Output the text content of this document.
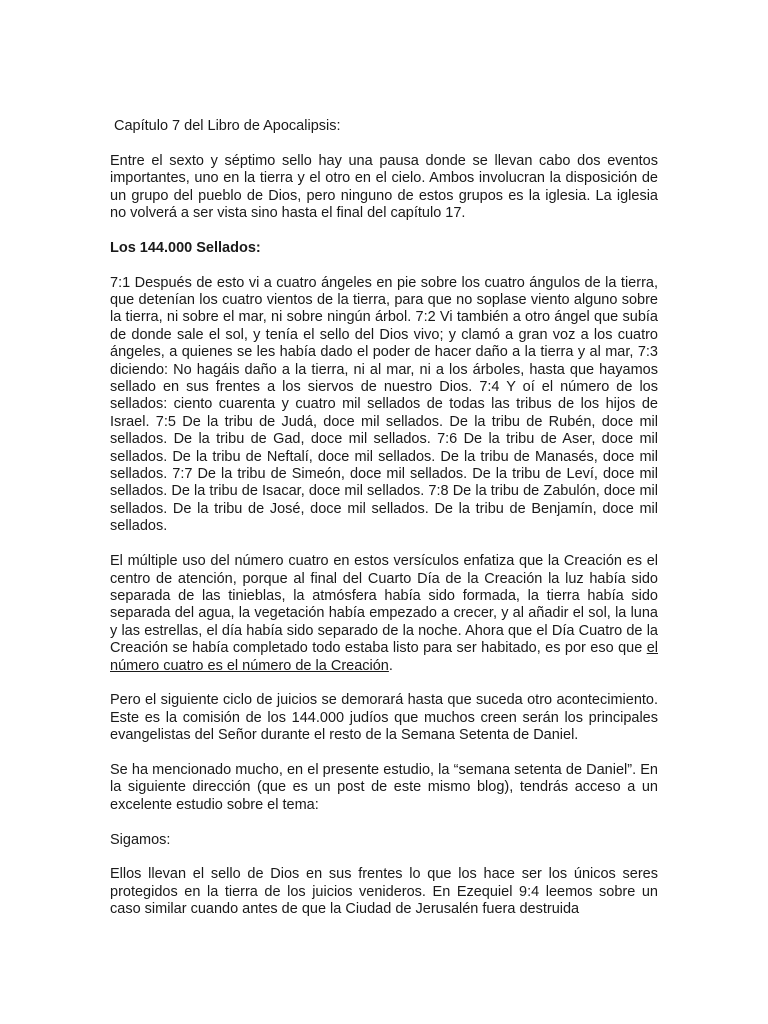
Capítulo 7 del Libro de Apocalipsis:

Entre el sexto y séptimo sello hay una pausa donde se llevan cabo dos eventos importantes, uno en la tierra y el otro en el cielo. Ambos involucran la disposición de un grupo del pueblo de Dios, pero ninguno de estos grupos es la iglesia. La iglesia no volverá a ser vista sino hasta el final del capítulo 17.

Los 144.000 Sellados:

7:1 Después de esto vi a cuatro ángeles en pie sobre los cuatro ángulos de la tierra, que detenían los cuatro vientos de la tierra, para que no soplase viento alguno sobre la tierra, ni sobre el mar, ni sobre ningún árbol. 7:2 Vi también a otro ángel que subía de donde sale el sol, y tenía el sello del Dios vivo; y clamó a gran voz a los cuatro ángeles, a quienes se les había dado el poder de hacer daño a la tierra y al mar, 7:3 diciendo: No hagáis daño a la tierra, ni al mar, ni a los árboles, hasta que hayamos sellado en sus frentes a los siervos de nuestro Dios. 7:4 Y oí el número de los sellados: ciento cuarenta y cuatro mil sellados de todas las tribus de los hijos de Israel. 7:5 De la tribu de Judá, doce mil sellados. De la tribu de Rubén, doce mil sellados. De la tribu de Gad, doce mil sellados. 7:6 De la tribu de Aser, doce mil sellados. De la tribu de Neftalí, doce mil sellados. De la tribu de Manasés, doce mil sellados. 7:7 De la tribu de Simeón, doce mil sellados. De la tribu de Leví, doce mil sellados. De la tribu de Isacar, doce mil sellados. 7:8 De la tribu de Zabulón, doce mil sellados. De la tribu de José, doce mil sellados. De la tribu de Benjamín, doce mil sellados.

El múltiple uso del número cuatro en estos versículos enfatiza que la Creación es el centro de atención, porque al final del Cuarto Día de la Creación la luz había sido separada de las tinieblas, la atmósfera había sido formada, la tierra había sido separada del agua, la vegetación había empezado a crecer, y al añadir el sol, la luna y las estrellas, el día había sido separado de la noche. Ahora que el Día Cuatro de la Creación se había completado todo estaba listo para ser habitado, es por eso que el número cuatro es el número de la Creación.

Pero el siguiente ciclo de juicios se demorará hasta que suceda otro acontecimiento. Este es la comisión de los 144.000 judíos que muchos creen serán los principales evangelistas del Señor durante el resto de la Semana Setenta de Daniel.

Se ha mencionado mucho, en el presente estudio, la “semana setenta de Daniel”. En la siguiente dirección (que es un post de este mismo blog), tendrás acceso a un excelente estudio sobre el tema:

Sigamos:

Ellos llevan el sello de Dios en sus frentes lo que los hace ser los únicos seres protegidos en la tierra de los juicios venideros. En Ezequiel 9:4 leemos sobre un caso similar cuando antes de que la Ciudad de Jerusalén fuera destruida
